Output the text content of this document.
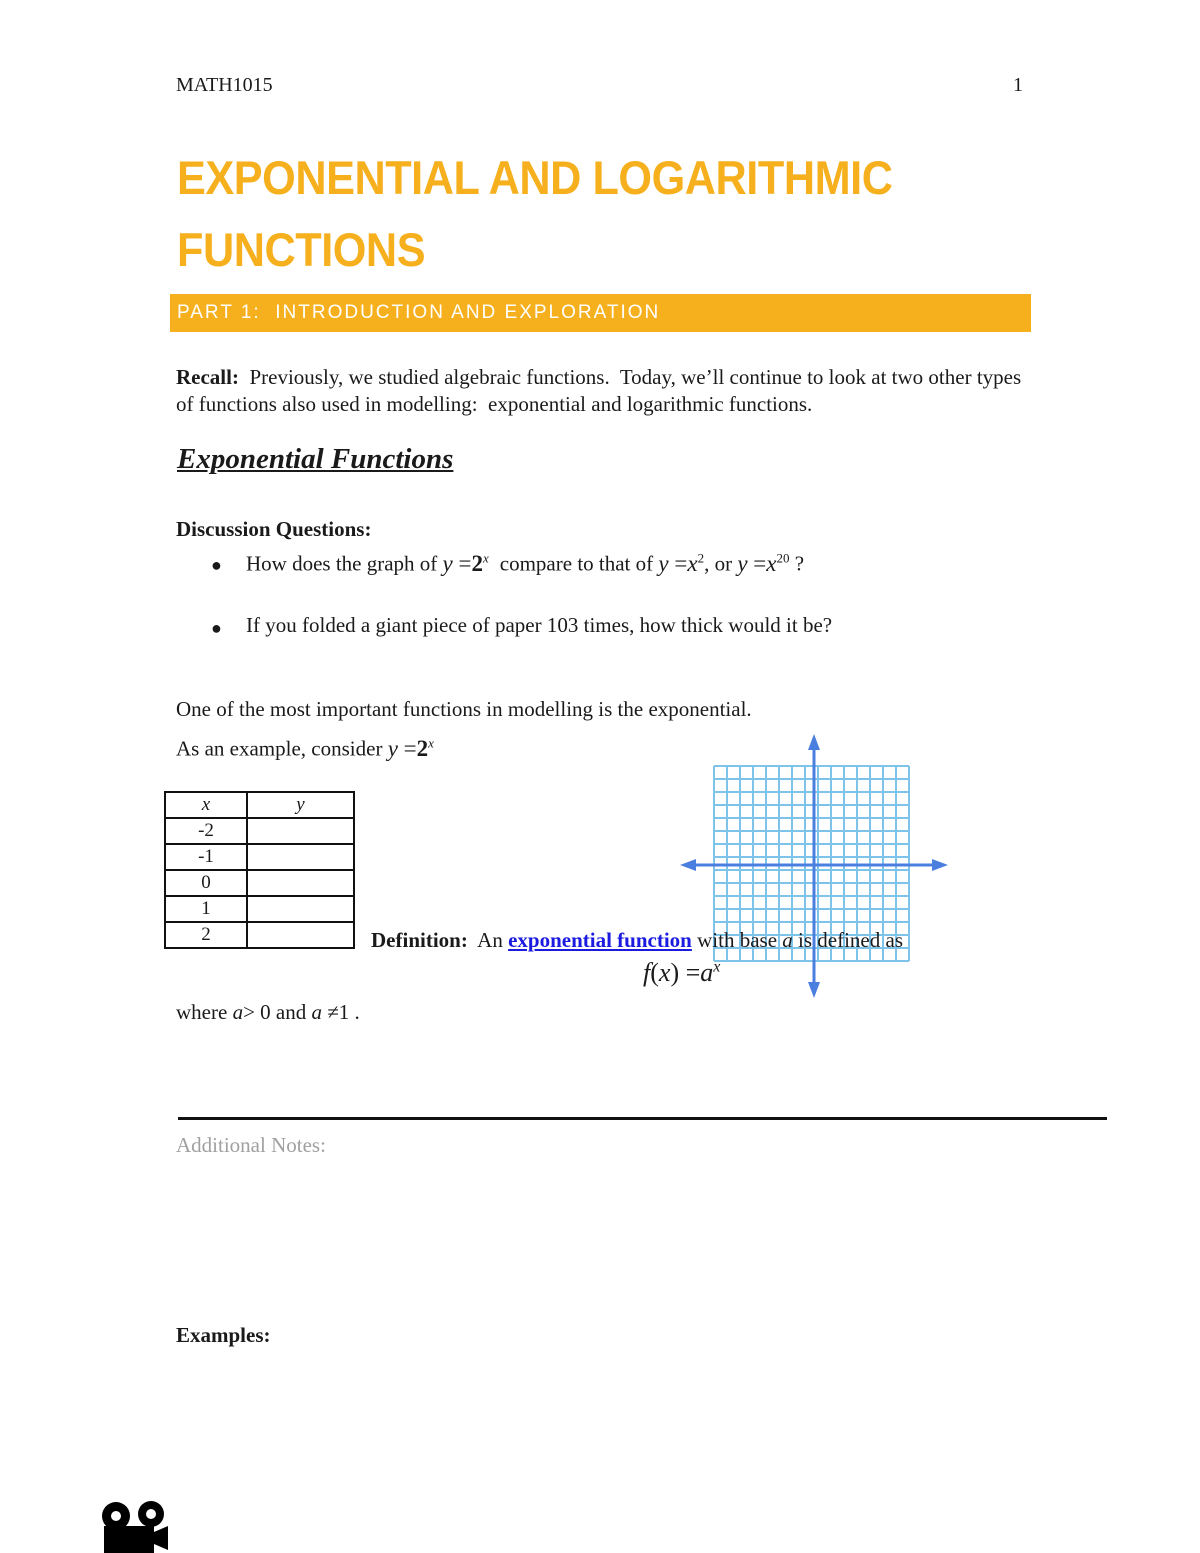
MATH1015	1
EXPONENTIAL AND LOGARITHMIC
FUNCTIONS
PART 1:  INTRODUCTION AND EXPLORATION
Recall:  Previously, we studied algebraic functions.  Today, we’ll continue to look at two other types of functions also used in modelling:  exponential and logarithmic functions.
Exponential Functions
Discussion Questions:
● How does the graph of $y =2^x$ compare to that of $y =x^2$, or $y =x^{20}$ ?
● If you folded a giant piece of paper 103 times, how thick would it be?
One of the most important functions in modelling is the exponential.
As an example, consider $y =2^x$
x	y
-2	
-1	
0	
1	
2		Definition:  An exponential function with base a is defined as
$f(x) =a^x$
where a> 0 and a ≠1 .
Additional Notes:
Examples:
